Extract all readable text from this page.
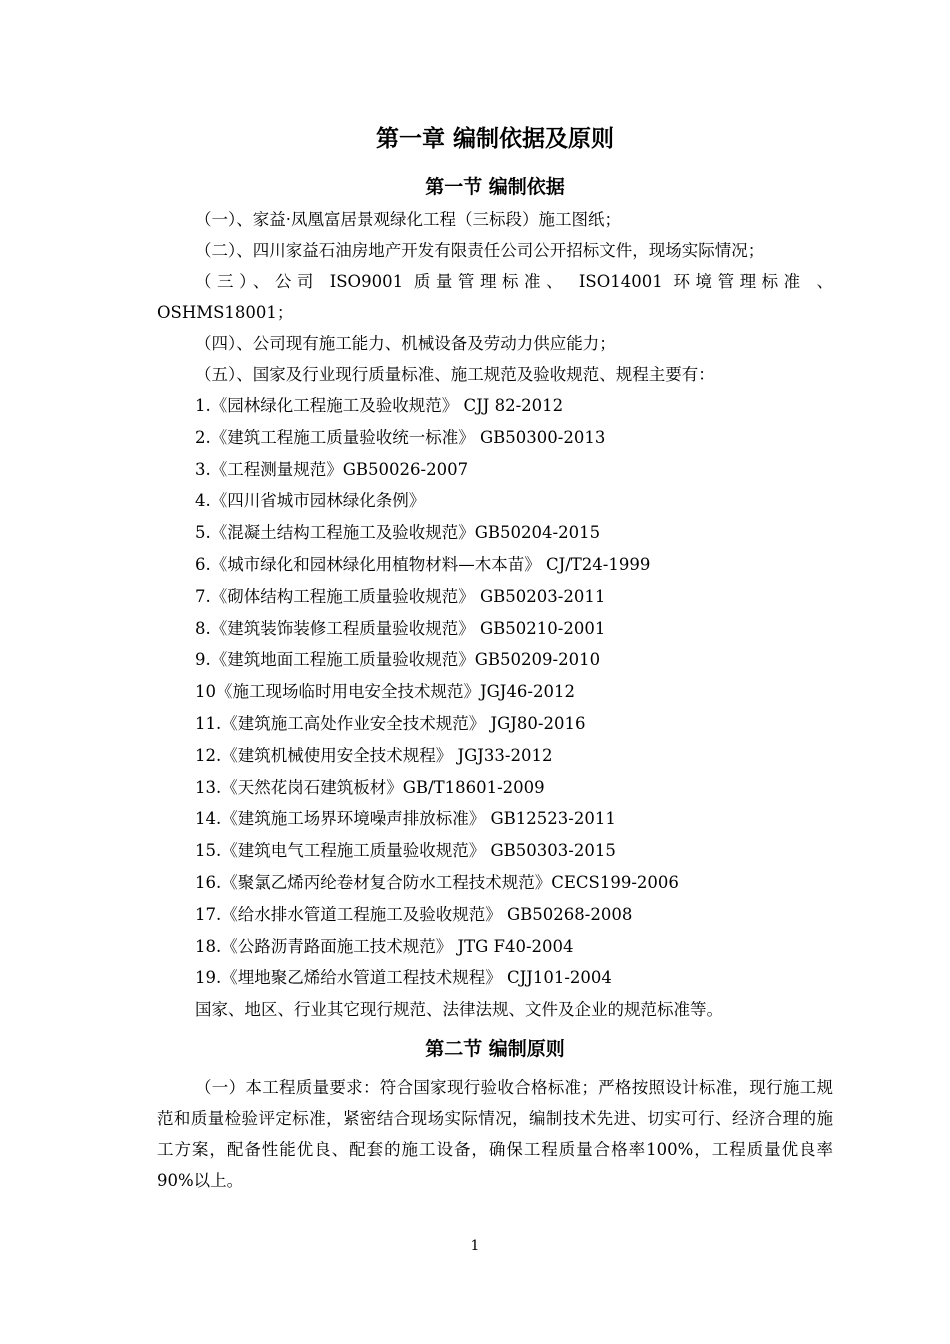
第一章 编制依据及原则
第一节 编制依据

（一）、家益·凤凰富居景观绿化工程（三标段）施工图纸；

（二）、四川家益石油房地产开发有限责任公司公开招标文件，现场实际情况；

（三）、公司 ISO9001 质量管理标准、 ISO14001 环境管理标准 、

OSHMS18001；

（四）、公司现有施工能力、机械设备及劳动力供应能力；

（五）、国家及行业现行质量标准、施工规范及验收规范、规程主要有：

1.《园林绿化工程施工及验收规范》 CJJ 82-2012
2.《建筑工程施工质量验收统一标准》 GB50300-2013
3.《工程测量规范》GB50026-2007
4.《四川省城市园林绿化条例》
5.《混凝土结构工程施工及验收规范》GB50204-2015
6.《城市绿化和园林绿化用植物材料—木本苗》 CJ/T24-1999
7.《砌体结构工程施工质量验收规范》 GB50203-2011
8.《建筑装饰装修工程质量验收规范》 GB50210-2001
9.《建筑地面工程施工质量验收规范》GB50209-2010
10《施工现场临时用电安全技术规范》JGJ46-2012
11.《建筑施工高处作业安全技术规范》 JGJ80-2016
12.《建筑机械使用安全技术规程》 JGJ33-2012
13.《天然花岗石建筑板材》GB/T18601-2009
14.《建筑施工场界环境噪声排放标准》 GB12523-2011
15.《建筑电气工程施工质量验收规范》 GB50303-2015
16.《聚氯乙烯丙纶卷材复合防水工程技术规范》CECS199-2006
17.《给水排水管道工程施工及验收规范》 GB50268-2008
18.《公路沥青路面施工技术规范》 JTG F40-2004
19.《埋地聚乙烯给水管道工程技术规程》 CJJ101-2004

国家、地区、行业其它现行规范、法律法规、文件及企业的规范标准等。

第二节 编制原则

（一）本工程质量要求：符合国家现行验收合格标准；严格按照设计标准，现行施工规范和质量检验评定标准，紧密结合现场实际情况，编制技术先进、切实可行、经济合理的施工方案，配备性能优良、配套的施工设备，确保工程质量合格率100%，工程质量优良率 90%以上。

1
